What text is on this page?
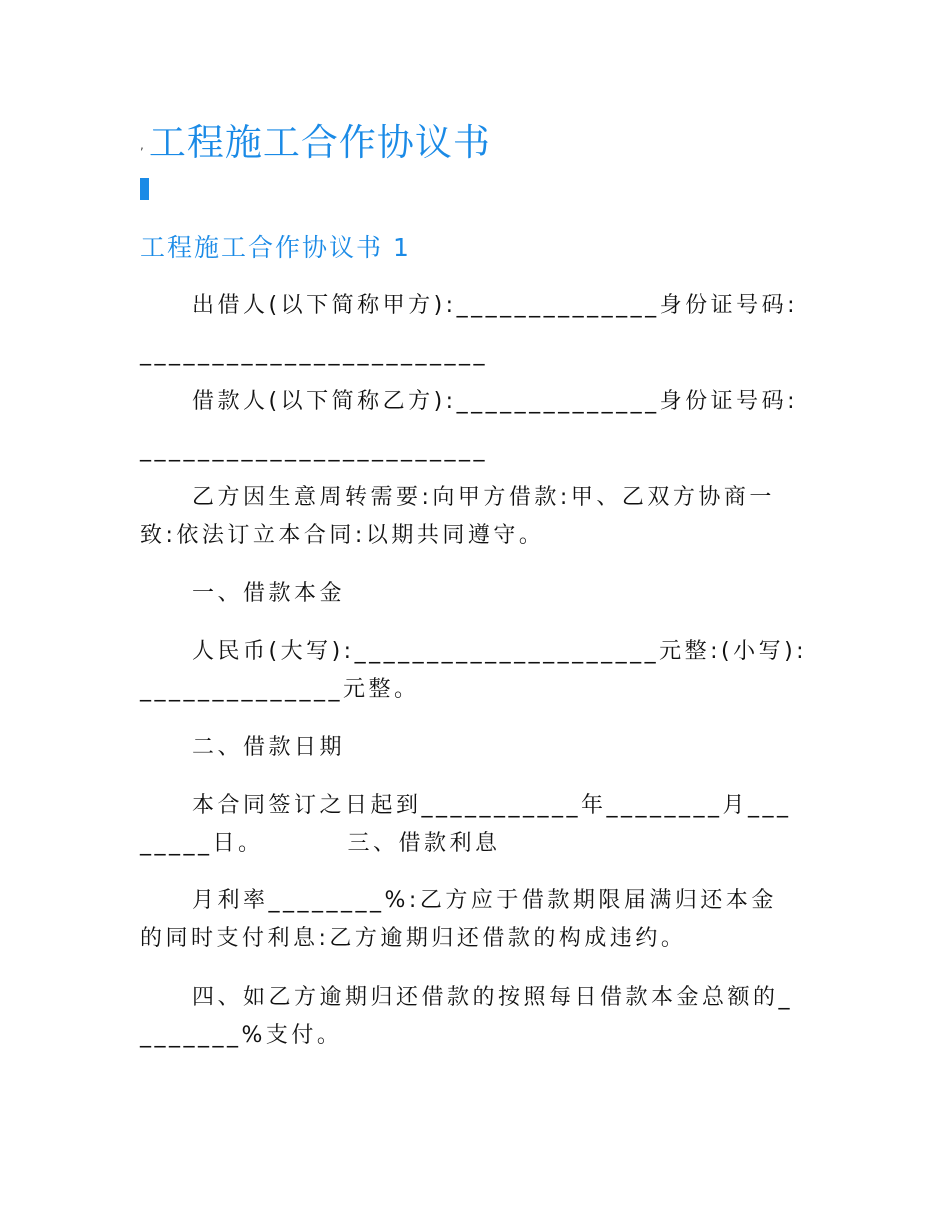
, 工程施工合作协议书
工程施工合作协议书 1
出借人(以下简称甲方):______________身份证号码:
________________________
借款人(以下简称乙方):______________身份证号码:
________________________
乙方因生意周转需要:向甲方借款:甲、乙双方协商一
致:依法订立本合同:以期共同遵守。
一、借款本金
人民币(大写):_____________________元整:(小写):
______________元整。
二、借款日期
本合同签订之日起到___________年________月___
_____日。        三、借款利息
月利率________%:乙方应于借款期限届满归还本金
的同时支付利息:乙方逾期归还借款的构成违约。
四、如乙方逾期归还借款的按照每日借款本金总额的_
_______%支付。
